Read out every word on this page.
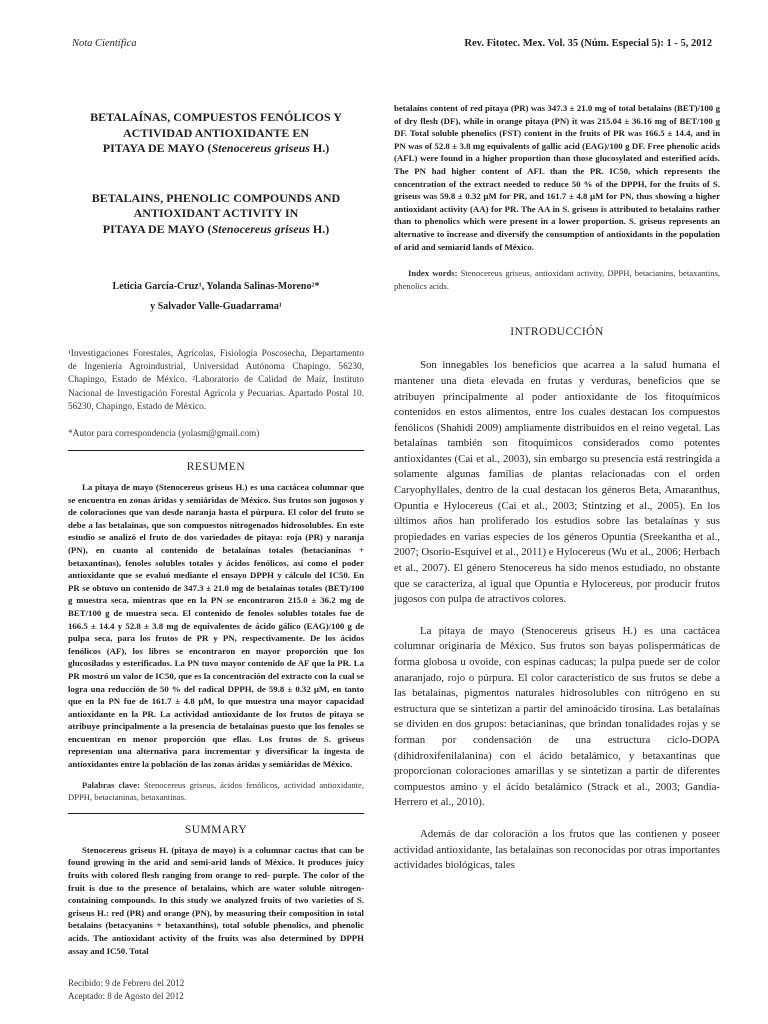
Nota Científica	Rev. Fitotec. Mex. Vol. 35 (Núm. Especial 5): 1 - 5, 2012
BETALAÍNAS, COMPUESTOS FENÓLICOS Y
ACTIVIDAD ANTIOXIDANTE EN
PITAYA DE MAYO (Stenocereus griseus H.)
BETALAINS, PHENOLIC COMPOUNDS AND
ANTIOXIDANT ACTIVITY IN
PITAYA DE MAYO (Stenocereus griseus H.)
Leticia García-Cruz¹, Yolanda Salinas-Moreno²*
y Salvador Valle-Guadarrama¹
¹Investigaciones Forestales, Agrícolas, Fisiología Poscosecha, Departamento de Ingeniería Agroindustrial, Universidad Autónoma Chapingo. 56230, Chapingo, Estado de México. ²Laboratorio de Calidad de Maíz, Instituto Nacional de Investigación Forestal Agrícola y Pecuarias. Apartado Postal 10. 56230, Chapingo, Estado de México.
*Autor para correspondencia (yolasm@gmail.com)
RESUMEN

La pitaya de mayo (Stenocereus griseus H.) es una cactácea columnar que se encuentra en zonas áridas y semiáridas de México. Sus frutos son jugosos y de coloraciones que van desde naranja hasta el púrpura. El color del fruto se debe a las betalaínas, que son compuestos nitrogenados hidrosolubles. En este estudio se analizó el fruto de dos variedades de pitaya: roja (PR) y naranja (PN), en cuanto al contenido de betalaínas totales (betacianinas + betaxantinas), fenoles solubles totales y ácidos fenólicos, así como el poder antioxidante que se evaluó mediante el ensayo DPPH y cálculo del IC50. En PR se obtuvo un contenido de 347.3 ± 21.0 mg de betalaínas totales (BET)/100 g muestra seca, mientras que en la PN se encontraron 215.0 ± 36.2 mg de BET/100 g de muestra seca. El contenido de fenoles solubles totales fue de 166.5 ± 14.4 y 52.8 ± 3.8 mg de equivalentes de ácido gálico (EAG)/100 g de pulpa seca, para los frutos de PR y PN, respectivamente. De los ácidos fenólicos (AF), los libres se encontraron en mayor proporción que los glucosilados y esterificados. La PN tuvo mayor contenido de AF que la PR. La PR mostró un valor de IC50, que es la concentración del extracto con la cual se logra una reducción de 50 % del radical DPPH, de 59.8 ± 0.32 µM, en tanto que en la PN fue de 161.7 ± 4.8 µM, lo que muestra una mayor capacidad antioxidante en la PR. La actividad antioxidante de los frutos de pitaya se atribuye principalmente a la presencia de betalaínas puesto que los fenoles se encuentran en menor proporción que ellas. Los frutos de S. griseus representan una alternativa para incrementar y diversificar la ingesta de antioxidantes entre la población de las zonas áridas y semiáridas de México.

Palabras clave: Stenocereus griseus, ácidos fenólicos, actividad antioxidante, DPPH, betacianinas, betaxantinas.

SUMMARY

Stenocereus griseus H. (pitaya de mayo) is a columnar cactus that can be found growing in the arid and semi-arid lands of México. It produces juicy fruits with colored flesh ranging from orange to red- purple. The color of the fruit is due to the presence of betalains, which are water soluble nitrogen-containing compounds. In this study we analyzed fruits of two varieties of S. griseus H.: red (PR) and orange (PN), by measuring their composition in total betalains (betacyanins + betaxanthins), total soluble phenolics, and phenolic acids. The antioxidant activity of the fruits was also determined by DPPH assay and IC50. Total

Recibido: 9 de Febrero del 2012
Aceptado: 8 de Agosto del 2012

betalains content of red pitaya (PR) was 347.3 ± 21.0 mg of total betalains (BET)/100 g of dry flesh (DF), while in orange pitaya (PN) it was 215.04 ± 36.16 mg of BET/100 g DF. Total soluble phenolics (FST) content in the fruits of PR was 166.5 ± 14.4, and in PN was of 52.8 ± 3.8 mg equivalents of gallic acid (EAG)/100 g DF. Free phenolic acids (AFL) were found in a higher proportion than those glucosylated and esterified acids. The PN had higher content of AFL than the PR. IC50, which represents the concentration of the extract needed to reduce 50 % of the DPPH, for the fruits of S. griseus was 59.8 ± 0.32 µM for PR, and 161.7 ± 4.8 µM for PN, thus showing a higher antioxidant activity (AA) for PR. The AA in S. griseus is attributed to betalains rather than to phenolics which were present in a lower proportion. S. griseus represents an alternative to increase and diversify the consumption of antioxidants in the population of arid and semiarid lands of México.

Index words: Stenocereus griseus, antioxidant activity, DPPH, betacianins, betaxantins, phenolics acids.

INTRODUCCIÓN

Son innegables los beneficios que acarrea a la salud humana el mantener una dieta elevada en frutas y verduras, beneficios que se atribuyen principalmente al poder antioxidante de los fitoquímicos contenidos en estos alimentos, entre los cuales destacan los compuestos fenólicos (Shahidi 2009) ampliamente distribuidos en el reino vegetal. Las betalaínas también son fitoquímicos considerados como potentes antioxidantes (Cai et al., 2003), sin embargo su presencia está restringida a solamente algunas familias de plantas relacionadas con el orden Caryophyllales, dentro de la cual destacan los géneros Beta, Amaranthus, Opuntia e Hylocereus (Cai et al., 2003; Stintzing et al., 2005). En los últimos años han proliferado los estudios sobre las betalaínas y sus propiedades en varias especies de los géneros Opuntia (Sreekantha et al., 2007; Osorio-Esquivel et al., 2011) e Hylocereus (Wu et al., 2006; Herbach et al., 2007). El género Stenocereus ha sido menos estudiado, no obstante que se caracteriza, al igual que Opuntia e Hylocereus, por producir frutos jugosos con pulpa de atractivos colores.

La pitaya de mayo (Stenocereus griseus H.) es una cactácea columnar originaria de México. Sus frutos son bayas polispermáticas de forma globosa u ovoide, con espinas caducas; la pulpa puede ser de color anaranjado, rojo o púrpura. El color característico de sus frutos se debe a las betalaínas, pigmentos naturales hidrosolubles con nitrógeno en su estructura que se sintetizan a partir del aminoácido tirosina. Las betalaínas se dividen en dos grupos: betacianinas, que brindan tonalidades rojas y se forman por condensación de una estructura ciclo-DOPA (dihidroxifenilalanina) con el ácido betalámico, y betaxantinas que proporcionan coloraciones amarillas y se sintetizan a partir de diferentes compuestos amino y el ácido betalámico (Strack et al., 2003; Gandía-Herrero et al., 2010).

Además de dar coloración a los frutos que las contienen y poseer actividad antioxidante, las betalaínas son reconocidas por otras importantes actividades biológicas, tales
